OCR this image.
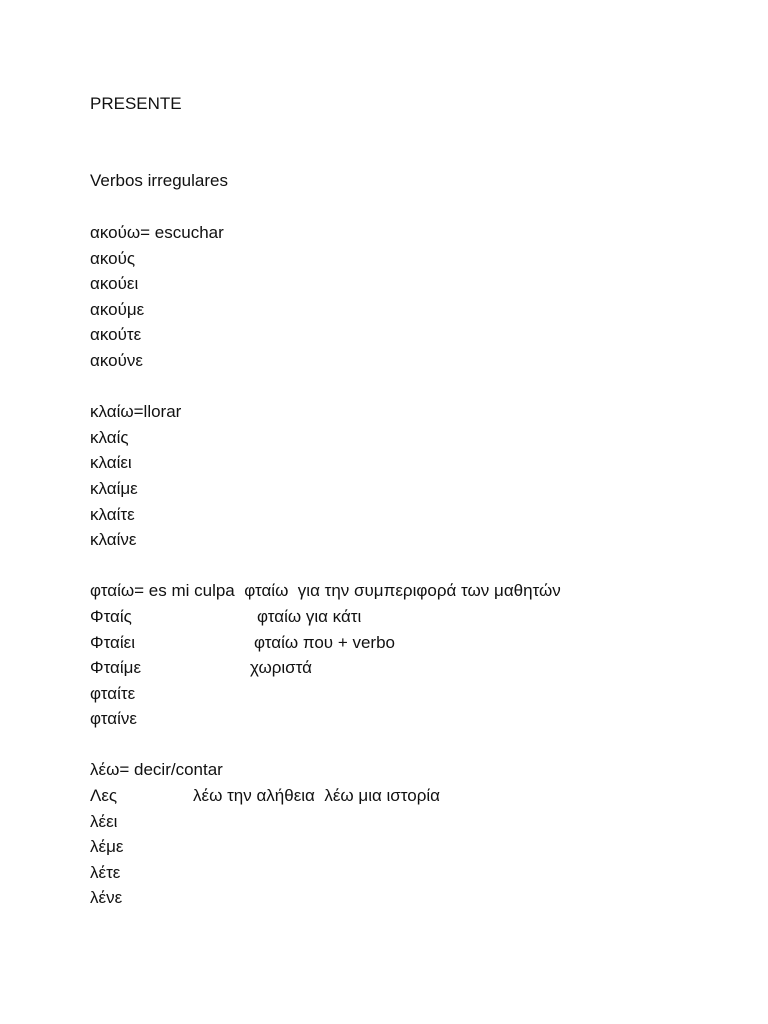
PRESENTE
Verbos irregulares
ακούω= escuchar
ακούς
ακούει
ακούμε
ακούτε
ακούνε
κλαίω=llorar
κλαίς
κλαίει
κλαίμε
κλαίτε
κλαίνε
φταίω= es mi culpa  φταίω  για την συμπεριφορά των μαθητών
Φταίς
Φταίει
Φταίμε
φταίτε
φταίνε
φταίω για κάτι
φταίω που + verbo
χωριστά
λέω= decir/contar
Λες
λέει
λέμε
λέτε
λένε
λέω την αλήθεια  λέω μια ιστορία
